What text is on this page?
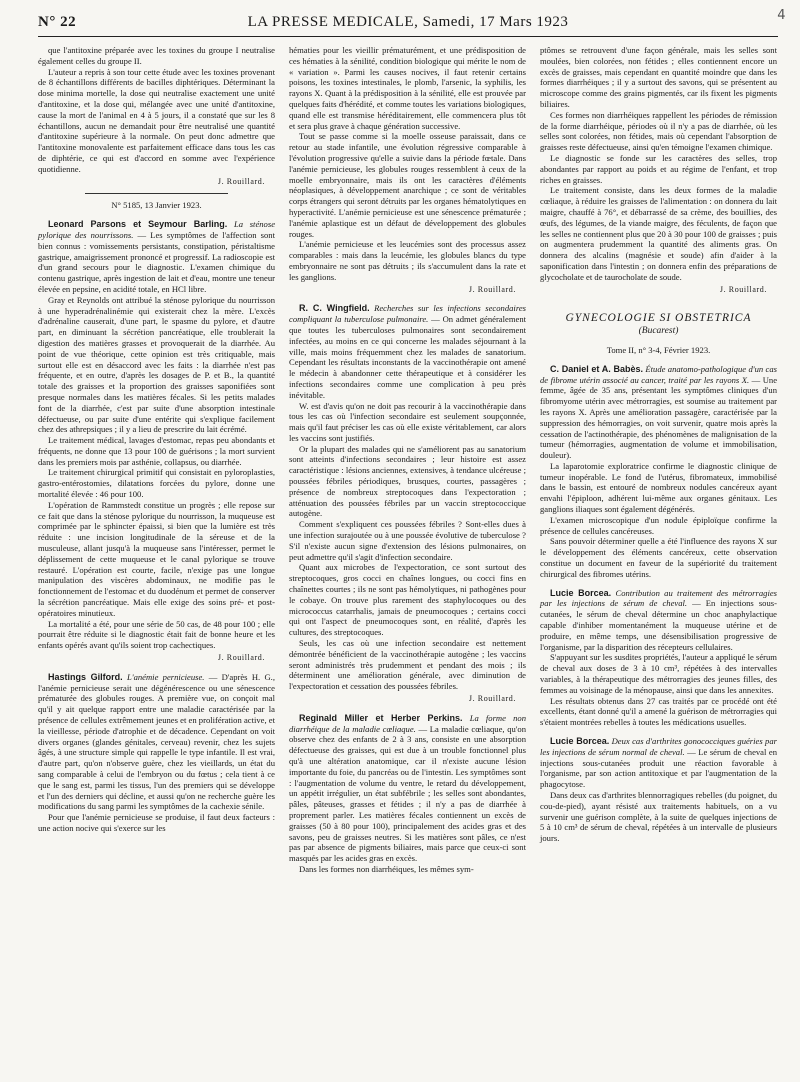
N° 22	LA PRESSE MEDICALE, Samedi, 17 Mars 1923	4

que l'antitoxine préparée avec les toxines du groupe I neutralise également celles du groupe II.

L'auteur a repris à son tour cette étude avec les toxines provenant de 8 échantillons différents de bacilles diphtériques. Déterminant la dose minima mortelle, la dose qui neutralise exactement une unité d'antitoxine, et la dose qui, mélangée avec une unité d'antitoxine, cause la mort de l'animal en 4 à 5 jours, il a constaté que sur les 8 échantillons, aucun ne demandait pour être neutralisé une quantité d'antitoxine supérieure à la normale. On peut donc admettre que l'antitoxine monovalente est parfaitement efficace dans tous les cas de diphtérie, ce qui est d'accord en somme avec l'expérience quotidienne.

J. Rouillard.

N° 5185, 13 Janvier 1923.

Leonard Parsons et Seymour Barling. La sténose pylorique des nourrissons. — Les symptômes de l'affection sont bien connus : vomissements persistants, constipation, péristaltisme gastrique, amaigrissement prononcé et progressif. La radioscopie est d'un grand secours pour le diagnostic. L'examen chimique du contenu gastrique, après ingestion de lait et d'eau, montre une teneur élevée en pepsine, en acidité totale, en HCl libre.

Gray et Reynolds ont attribué la sténose pylorique du nourrisson à une hyperadrénalinémie qui existerait chez la mère. L'excès d'adrénaline causerait, d'une part, le spasme du pylore, et d'autre part, en diminuant la sécrétion pancréatique, elle troublerait la digestion des matières grasses et provoquerait de la diarrhée. Au point de vue théorique, cette opinion est très critiquable, mais surtout elle est en désaccord avec les faits : la diarrhée n'est pas fréquente, et en outre, d'après les dosages de P. et B., la quantité totale des graisses et la proportion des graisses saponifiées sont presque normales dans les matières fécales. Si les petits malades font de la diarrhée, c'est par suite d'une absorption intestinale défectueuse, ou par suite d'une entérite qui s'explique facilement chez des athrepsiques ; il y a lieu de prescrire du lait écrémé.

Le traitement médical, lavages d'estomac, repas peu abondants et fréquents, ne donne que 13 pour 100 de guérisons ; la mort survient dans les premiers mois par asthénie, collapsus, ou diarrhée.

Le traitement chirurgical primitif qui consistait en pyloroplasties, gastro-entérostomies, dilatations forcées du pylore, donne une mortalité élevée : 46 pour 100.

L'opération de Rammstedt constitue un progrès ; elle repose sur ce fait que dans la sténose pylorique du nourrisson, la muqueuse est comprimée par le sphincter épaissi, si bien que la lumière est très réduite : une incision longitudinale de la séreuse et de la musculeuse, allant jusqu'à la muqueuse sans l'intéresser, permet le déplissement de cette muqueuse et le canal pylorique se trouve restauré. L'opération est courte, facile, n'exige pas une longue manipulation des viscères abdominaux, ne modifie pas le fonctionnement de l'estomac et du duodénum et permet de conserver la sécrétion pancréatique. Mais elle exige des soins pré- et post-opératoires minutieux.

La mortalité a été, pour une série de 50 cas, de 48 pour 100 ; elle pourrait être réduite si le diagnostic était fait de bonne heure et les enfants opérés avant qu'ils soient trop cachectiques.

J. Rouillard.

Hastings Gilford. L'anémie pernicieuse. — D'après H. G., l'anémie pernicieuse serait une dégénérescence ou une sénescence prématurée des globules rouges. A première vue, on conçoit mal qu'il y ait quelque rapport entre une maladie caractérisée par la présence de cellules extrêmement jeunes et en prolifération active, et la vieillesse, période d'atrophie et de décadence. Cependant on voit divers organes (glandes génitales, cerveau) revenir, chez les sujets âgés, à une structure simple qui rappelle le type infantile. Il est vrai, d'autre part, qu'on n'observe guère, chez les vieillards, un état du sang comparable à celui de l'embryon ou du fœtus ; cela tient à ce que le sang est, parmi les tissus, l'un des premiers qui se développe et l'un des derniers qui décline, et aussi qu'on ne recherche guère les modifications du sang parmi les symptômes de la cachexie sénile.

Pour que l'anémie pernicieuse se produise, il faut deux facteurs : une action nocive qui s'exerce sur les

hématies pour les vieillir prématurément, et une prédisposition de ces hématies à la sénilité, condition biologique qui mérite le nom de « variation ». Parmi les causes nocives, il faut retenir certains poisons, les toxines intestinales, le plomb, l'arsenic, la syphilis, les rayons X. Quant à la prédisposition à la sénilité, elle est prouvée par quelques faits d'hérédité, et comme toutes les variations biologiques, quand elle est transmise héréditairement, elle commencera plus tôt et sera plus grave à chaque génération successive.

Tout se passe comme si la moelle osseuse paraissait, dans ce retour au stade infantile, une évolution régressive comparable à l'évolution progressive qu'elle a suivie dans la période fœtale. Dans l'anémie pernicieuse, les globules rouges ressemblent à ceux de la moelle embryonnaire, mais ils ont les caractères d'éléments néoplasiques, à développement anarchique ; ce sont de véritables corps étrangers qui seront détruits par les organes hématolytiques en hyperactivité. L'anémie pernicieuse est une sénescence prématurée ; l'anémie aplastique est un défaut de développement des globules rouges.

L'anémie pernicieuse et les leucémies sont des processus assez comparables : mais dans la leucémie, les globules blancs du type embryonnaire ne sont pas détruits ; ils s'accumulent dans la rate et les ganglions.

J. Rouillard.

R. C. Wingfield. Recherches sur les infections secondaires compliquant la tuberculose pulmonaire. — On admet généralement que toutes les tuberculoses pulmonaires sont secondairement infectées, au moins en ce qui concerne les malades séjournant à la ville, mais moins fréquemment chez les malades de sanatorium. Cependant les résultats inconstants de la vaccinothérapie ont amené le médecin à abandonner cette thérapeutique et à considérer les infections secondaires comme une complication à peu près inévitable.

W. est d'avis qu'on ne doit pas recourir à la vaccinothérapie dans tous les cas où l'infection secondaire est seulement soupçonnée, mais qu'il faut préciser les cas où elle existe véritablement, car alors les vaccins sont justifiés.

Or la plupart des malades qui ne s'améliorent pas au sanatorium sont atteints d'infections secondaires ; leur histoire est assez caractéristique : lésions anciennes, extensives, à tendance ulcéreuse ; poussées fébriles périodiques, brusques, courtes, passagères ; présence de nombreux streptocoques dans l'expectoration ; atténuation des poussées fébriles par un vaccin streptococcique autogène.

Comment s'expliquent ces poussées fébriles ? Sont-elles dues à une infection surajoutée ou à une poussée évolutive de tuberculose ? S'il n'existe aucun signe d'extension des lésions pulmonaires, on peut admettre qu'il s'agit d'infection secondaire.

Quant aux microbes de l'expectoration, ce sont surtout des streptocoques, gros cocci en chaînes longues, ou cocci fins en chaînettes courtes ; ils ne sont pas hémolytiques, ni pathogènes pour le cobaye. On trouve plus rarement des staphylocoques ou des micrococcus catarrhalis, jamais de pneumocoques ; certains cocci qui ont l'aspect de pneumocoques sont, en réalité, d'après les cultures, des streptocoques.

Seuls, les cas où une infection secondaire est nettement démontrée bénéficient de la vaccinothérapie autogène ; les vaccins seront administrés très prudemment et pendant des mois ; ils déterminent une amélioration générale, avec diminution de l'expectoration et cessation des poussées fébriles.

J. Rouillard.

Reginald Miller et Herber Perkins. La forme non diarrhéique de la maladie cœliaque. — La maladie cœliaque, qu'on observe chez des enfants de 2 à 3 ans, consiste en une absorption défectueuse des graisses, qui est due à un trouble fonctionnel plus qu'à une altération anatomique, car il n'existe aucune lésion importante du foie, du pancréas ou de l'intestin. Les symptômes sont : l'augmentation de volume du ventre, le retard du développement, un appétit irrégulier, un état subfébrile ; les selles sont abondantes, pâles, pâteuses, grasses et fétides ; il n'y a pas de diarrhée à proprement parler. Les matières fécales contiennent un excès de graisses (50 à 80 pour 100), principalement des acides gras et des savons, peu de graisses neutres. Si les matières sont pâles, ce n'est pas par absence de pigments biliaires, mais parce que ceux-ci sont masqués par les acides gras en excès.

Dans les formes non diarrhéiques, les mêmes sym-

ptômes se retrouvent d'une façon générale, mais les selles sont moulées, bien colorées, non fétides ; elles contiennent encore un excès de graisses, mais cependant en quantité moindre que dans les formes diarrhéiques ; il y a surtout des savons, qui se présentent au microscope comme des grains pigmentés, car ils fixent les pigments biliaires.

Ces formes non diarrhéiques rappellent les périodes de rémission de la forme diarrhéique, périodes où il n'y a pas de diarrhée, où les selles sont colorées, non fétides, mais où cependant l'absorption de graisses reste défectueuse, ainsi qu'en témoigne l'examen chimique.

Le diagnostic se fonde sur les caractères des selles, trop abondantes par rapport au poids et au régime de l'enfant, et trop riches en graisses.

Le traitement consiste, dans les deux formes de la maladie cœliaque, à réduire les graisses de l'alimentation : on donnera du lait maigre, chauffé à 76°, et débarrassé de sa crème, des bouillies, des œufs, des légumes, de la viande maigre, des féculents, de façon que les selles ne contiennent plus que 20 à 30 pour 100 de graisses ; puis on augmentera prudemment la quantité des aliments gras. On donnera des alcalins (magnésie et soude) afin d'aider à la saponification dans l'intestin ; on donnera enfin des préparations de glycocholate et de taurocholate de soude.

J. Rouillard.

GYNECOLOGIE SI OBSTETRICA

(Bucarest)

Tome II, n° 3-4, Février 1923.

C. Daniel et A. Babès. Étude anatomo-pathologique d'un cas de fibrome utérin associé au cancer, traité par les rayons X. — Une femme, âgée de 35 ans, présentant les symptômes cliniques d'un fibromyome utérin avec métrorragies, est soumise au traitement par les rayons X. Après une amélioration passagère, caractérisée par la suppression des hémorragies, on voit survenir, quatre mois après la cessation de l'actinothérapie, des phénomènes de malignisation de la tumeur (hémorragies, augmentation de volume et immobilisation, douleur).

La laparotomie exploratrice confirme le diagnostic clinique de tumeur inopérable. Le fond de l'utérus, fibromateux, immobilisé dans le bassin, est entouré de nombreux nodules cancéreux ayant envahi l'épiploon, adhérent lui-même aux organes génitaux. Les ganglions iliaques sont également dégénérés.

L'examen microscopique d'un nodule épiploïque confirme la présence de cellules cancéreuses.

Sans pouvoir déterminer quelle a été l'influence des rayons X sur le développement des éléments cancéreux, cette observation constitue un document en faveur de la supériorité du traitement chirurgical des fibromes utérins.

Lucie Borcea. Contribution au traitement des métrorragies par les injections de sérum de cheval. — En injections sous-cutanées, le sérum de cheval détermine un choc anaphylactique capable d'inhiber momentanément la muqueuse utérine et de produire, en même temps, une désensibilisation progressive de l'organisme, par la disparition des récepteurs cellulaires.

S'appuyant sur les susdites propriétés, l'auteur a appliqué le sérum de cheval aux doses de 3 à 10 cm³, répétées à des intervalles variables, à la thérapeutique des métrorragies des jeunes filles, des femmes au voisinage de la ménopause, ainsi que dans les annexites.

Les résultats obtenus dans 27 cas traités par ce procédé ont été excellents, étant donné qu'il a amené la guérison de métrorragies qui s'étaient montrées rebelles à toutes les médications usuelles.

Lucie Borcea. Deux cas d'arthrites gonococciques guéries par les injections de sérum normal de cheval. — Le sérum de cheval en injections sous-cutanées produit une réaction favorable à l'organisme, par son action antitoxique et par l'augmentation de la phagocytose.

Dans deux cas d'arthrites blennorragiques rebelles (du poignet, du cou-de-pied), ayant résisté aux traitements habituels, on a vu survenir une guérison complète, à la suite de quelques injections de 5 à 10 cm³ de sérum de cheval, répétées à un intervalle de plusieurs jours.
